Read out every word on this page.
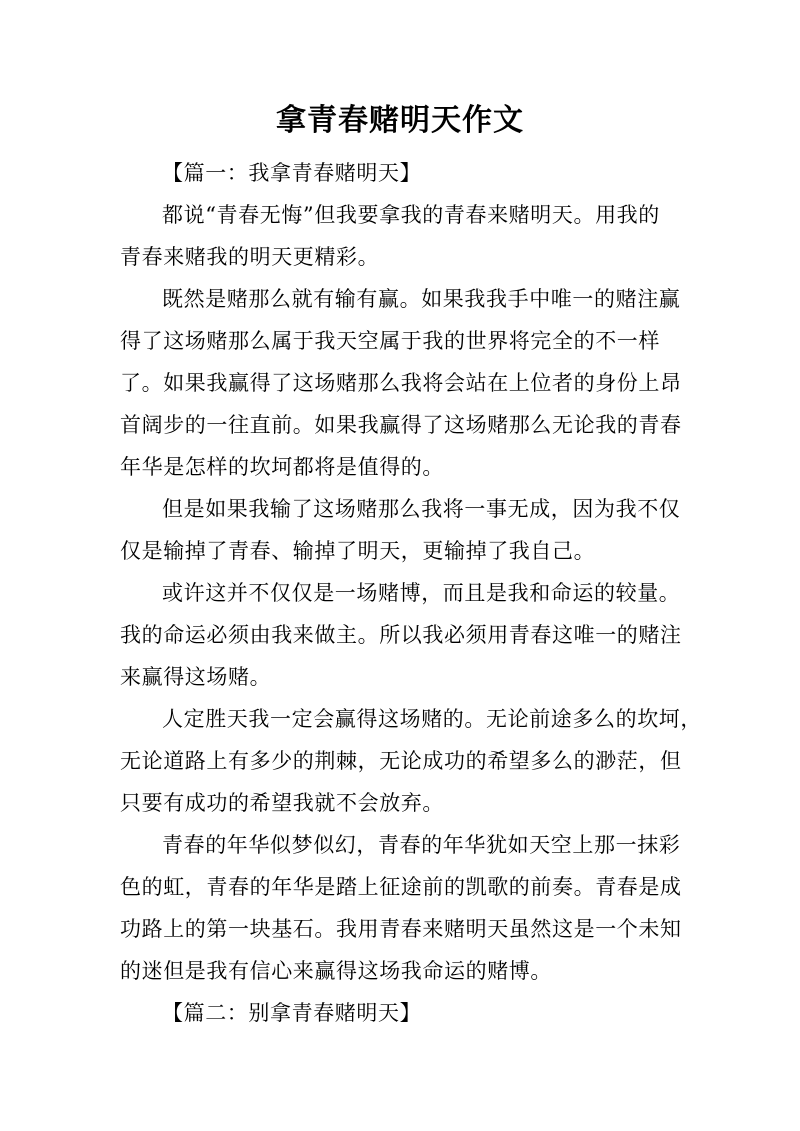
拿青春赌明天作文
【篇一：我拿青春赌明天】
都说“青春无悔”但我要拿我的青春来赌明天。用我的
青春来赌我的明天更精彩。
既然是赌那么就有输有赢。如果我我手中唯一的赌注赢
得了这场赌那么属于我天空属于我的世界将完全的不一样
了。如果我赢得了这场赌那么我将会站在上位者的身份上昂
首阔步的一往直前。如果我赢得了这场赌那么无论我的青春
年华是怎样的坎坷都将是值得的。
但是如果我输了这场赌那么我将一事无成，因为我不仅
仅是输掉了青春、输掉了明天，更输掉了我自己。
或许这并不仅仅是一场赌博，而且是我和命运的较量。
我的命运必须由我来做主。所以我必须用青春这唯一的赌注
来赢得这场赌。
人定胜天我一定会赢得这场赌的。无论前途多么的坎坷，
无论道路上有多少的荆棘，无论成功的希望多么的渺茫，但
只要有成功的希望我就不会放弃。
青春的年华似梦似幻，青春的年华犹如天空上那一抹彩
色的虹，青春的年华是踏上征途前的凯歌的前奏。青春是成
功路上的第一块基石。我用青春来赌明天虽然这是一个未知
的迷但是我有信心来赢得这场我命运的赌博。
【篇二：别拿青春赌明天】
